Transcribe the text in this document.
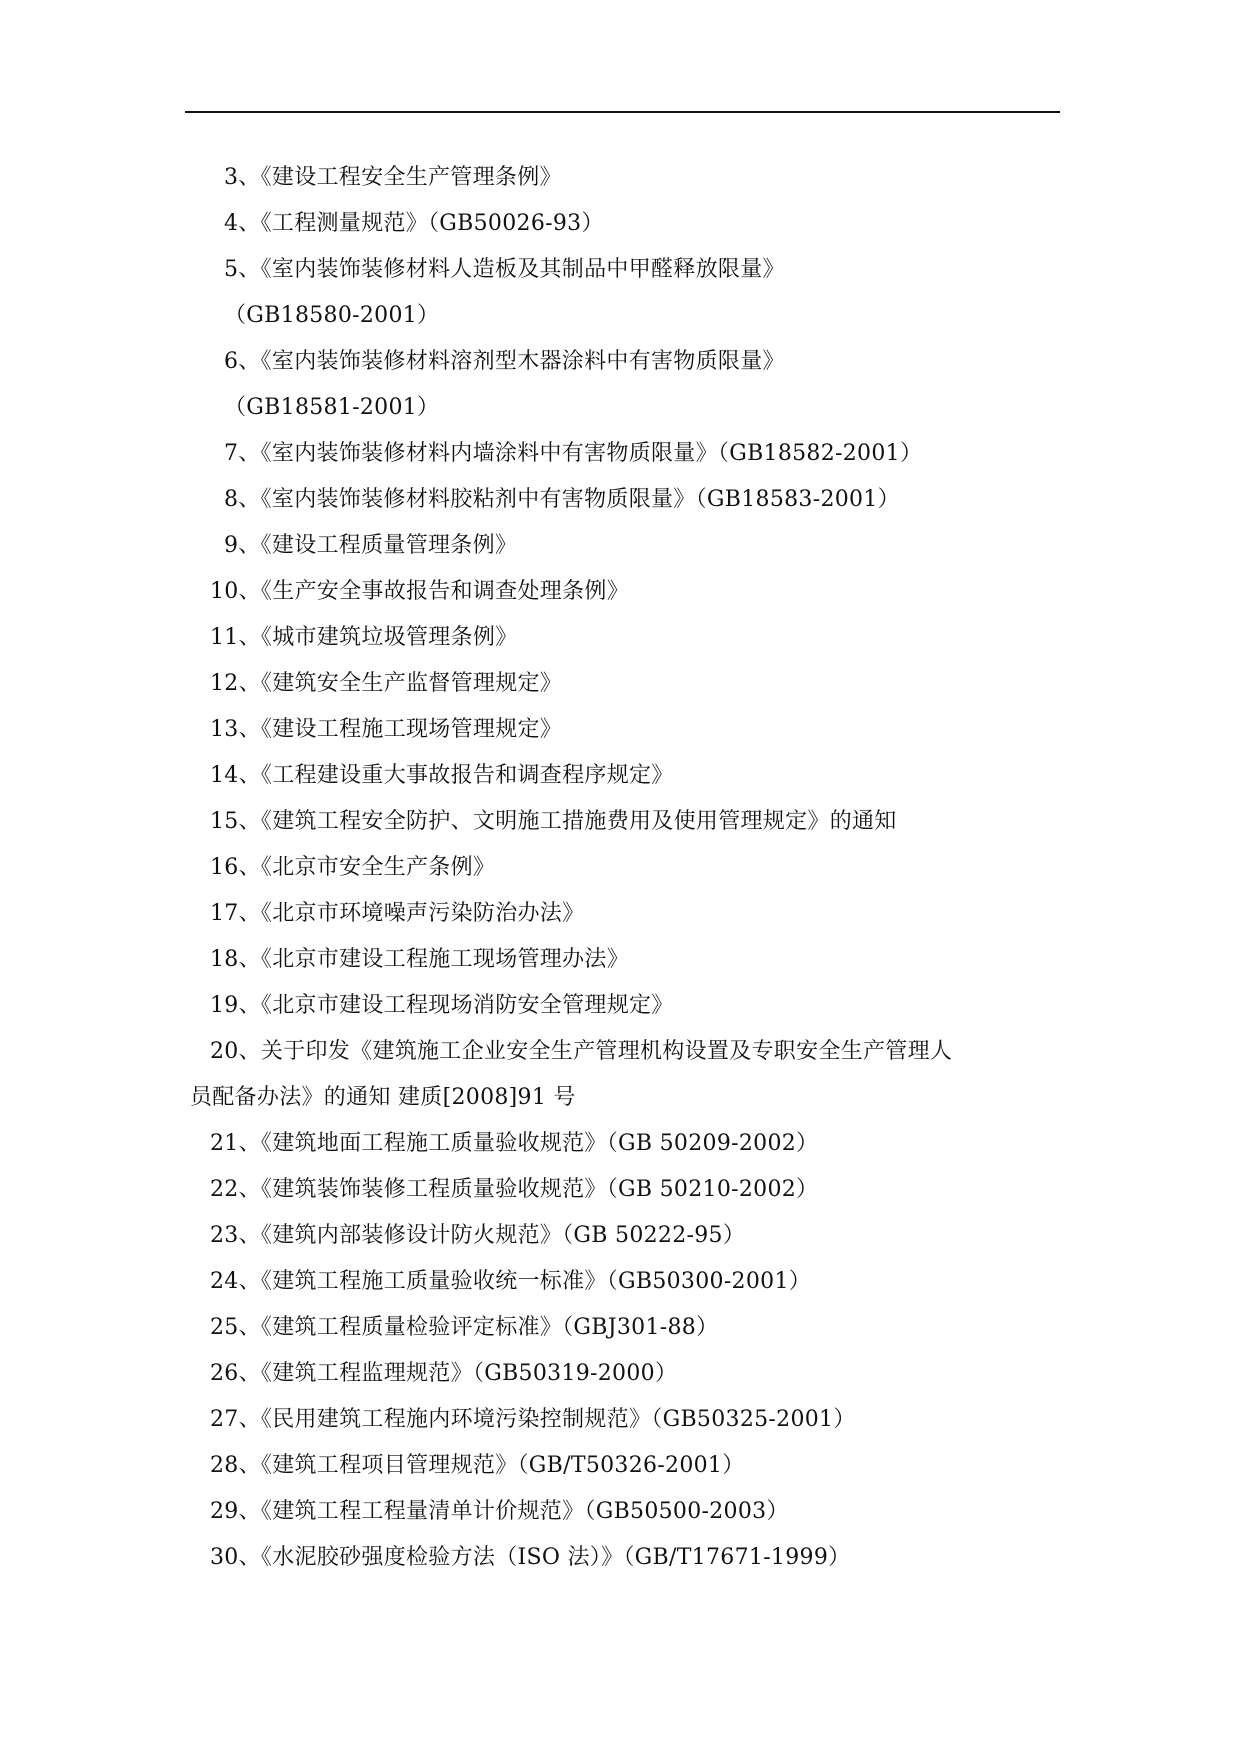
3、《建设工程安全生产管理条例》
4、《工程测量规范》（GB50026-93）
5、《室内装饰装修材料人造板及其制品中甲醛释放限量》
（GB18580-2001）
6、《室内装饰装修材料溶剂型木器涂料中有害物质限量》
（GB18581-2001）
7、《室内装饰装修材料内墙涂料中有害物质限量》（GB18582-2001）
8、《室内装饰装修材料胶粘剂中有害物质限量》（GB18583-2001）
9、《建设工程质量管理条例》
10、《生产安全事故报告和调查处理条例》
11、《城市建筑垃圾管理条例》
12、《建筑安全生产监督管理规定》
13、《建设工程施工现场管理规定》
14、《工程建设重大事故报告和调查程序规定》
15、《建筑工程安全防护、文明施工措施费用及使用管理规定》的通知
16、《北京市安全生产条例》
17、《北京市环境噪声污染防治办法》
18、《北京市建设工程施工现场管理办法》
19、《北京市建设工程现场消防安全管理规定》
20、关于印发《建筑施工企业安全生产管理机构设置及专职安全生产管理人
员配备办法》的通知 建质[2008]91 号
21、《建筑地面工程施工质量验收规范》（GB 50209-2002）
22、《建筑装饰装修工程质量验收规范》（GB 50210-2002）
23、《建筑内部装修设计防火规范》（GB 50222-95）
24、《建筑工程施工质量验收统一标准》（GB50300-2001）
25、《建筑工程质量检验评定标准》（GBJ301-88）
26、《建筑工程监理规范》（GB50319-2000）
27、《民用建筑工程施内环境污染控制规范》（GB50325-2001）
28、《建筑工程项目管理规范》（GB/T50326-2001）
29、《建筑工程工程量清单计价规范》（GB50500-2003）
30、《水泥胶砂强度检验方法（ISO 法）》（GB/T17671-1999）
